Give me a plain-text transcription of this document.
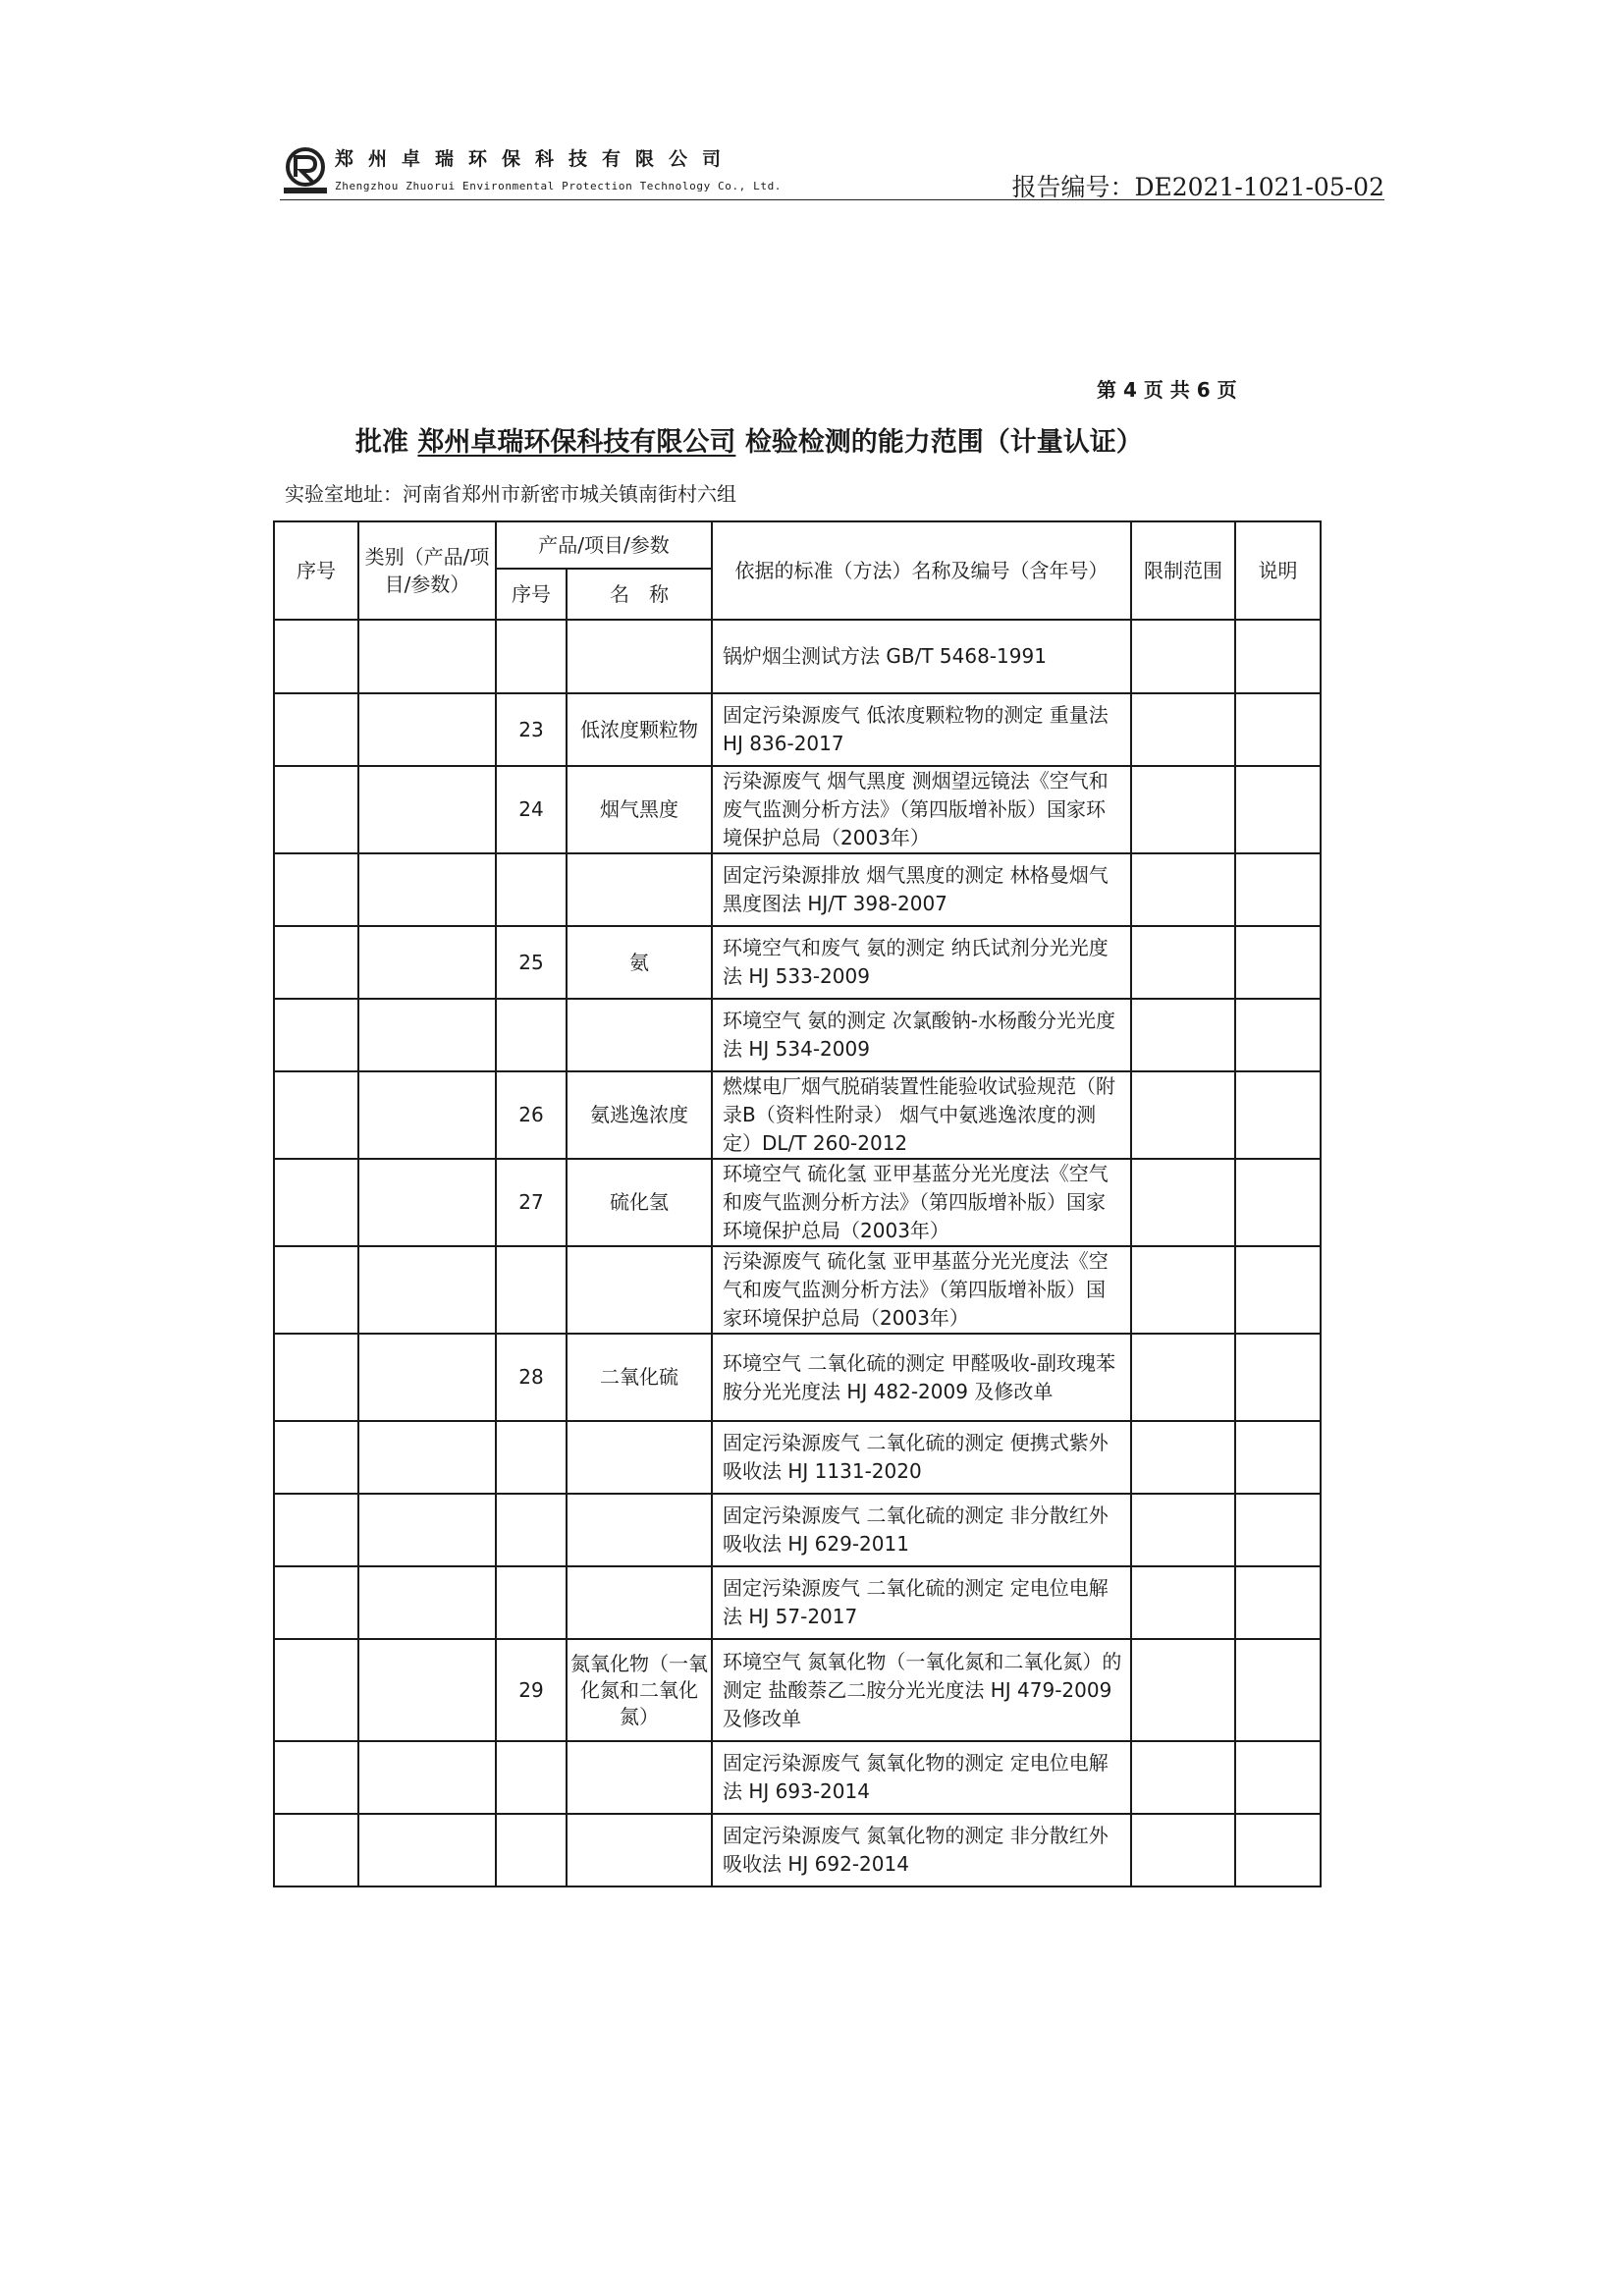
郑州卓瑞环保科技有限公司
Zhengzhou Zhuorui Environmental Protection Technology Co., Ltd.	报告编号：DE2021-1021-05-02
第 4 页 共 6 页
批准 郑州卓瑞环保科技有限公司 检验检测的能力范围（计量认证）
实验室地址：河南省郑州市新密市城关镇南街村六组
序号	类别（产品/项目/参数）	产品/项目/参数		依据的标准（方法）名称及编号（含年号）	限制范围	说明
		序号	名　称			
				锅炉烟尘测试方法 GB/T 5468-1991		
		23	低浓度颗粒物	固定污染源废气 低浓度颗粒物的测定 重量法 HJ 836-2017		
		24	烟气黑度	污染源废气 烟气黑度 测烟望远镜法《空气和废气监测分析方法》（第四版增补版）国家环境保护总局（2003年）		
				固定污染源排放 烟气黑度的测定 林格曼烟气黑度图法 HJ/T 398-2007		
		25	氨	环境空气和废气 氨的测定 纳氏试剂分光光度法 HJ 533-2009		
				环境空气 氨的测定 次氯酸钠-水杨酸分光光度法 HJ 534-2009		
		26	氨逃逸浓度	燃煤电厂烟气脱硝装置性能验收试验规范（附录B（资料性附录） 烟气中氨逃逸浓度的测定）DL/T 260-2012		
		27	硫化氢	环境空气 硫化氢 亚甲基蓝分光光度法《空气和废气监测分析方法》（第四版增补版）国家环境保护总局（2003年）		
				污染源废气 硫化氢 亚甲基蓝分光光度法《空气和废气监测分析方法》（第四版增补版）国家环境保护总局（2003年）		
		28	二氧化硫	环境空气 二氧化硫的测定 甲醛吸收-副玫瑰苯胺分光光度法 HJ 482-2009 及修改单		
				固定污染源废气 二氧化硫的测定 便携式紫外吸收法 HJ 1131-2020		
				固定污染源废气 二氧化硫的测定 非分散红外吸收法 HJ 629-2011		
				固定污染源废气 二氧化硫的测定 定电位电解法 HJ 57-2017		
		29	氮氧化物（一氧化氮和二氧化氮）	环境空气 氮氧化物（一氧化氮和二氧化氮）的测定 盐酸萘乙二胺分光光度法 HJ 479-2009 及修改单		
				固定污染源废气 氮氧化物的测定 定电位电解法 HJ 693-2014		
				固定污染源废气 氮氧化物的测定 非分散红外吸收法 HJ 692-2014		
